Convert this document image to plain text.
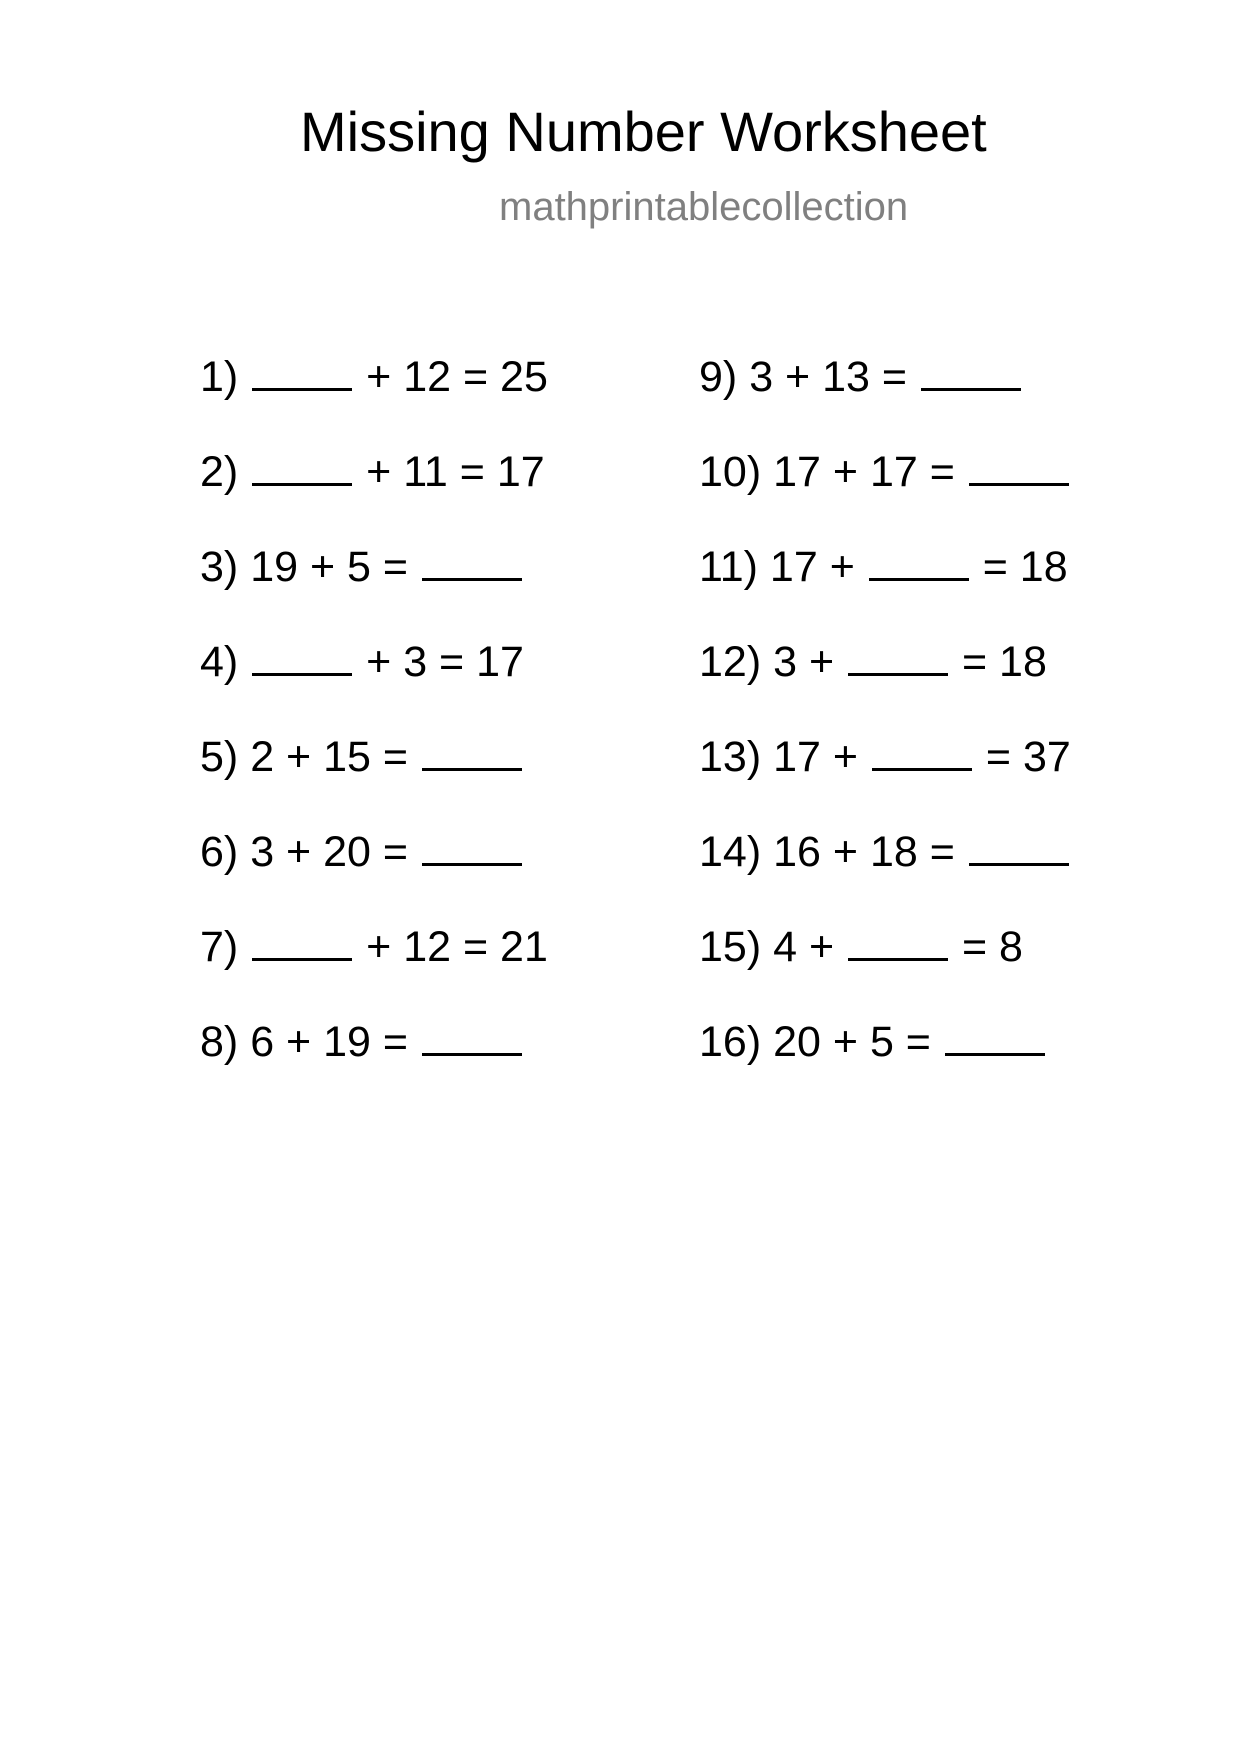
Missing Number Worksheet
mathprintablecollection
1)	+ 12 = 25
2)	+ 11 = 17
3) 19 + 5 =
4)	+ 3 = 17
5) 2 + 15 =
6) 3 + 20 =
7)	+ 12 = 21
8) 6 + 19 =
9) 3 + 13 =
10) 17 + 17 =
11) 17 +	= 18
12) 3 +	= 18
13) 17 +	= 37
14) 16 + 18 =
15) 4 +	= 8
16) 20 + 5 =
